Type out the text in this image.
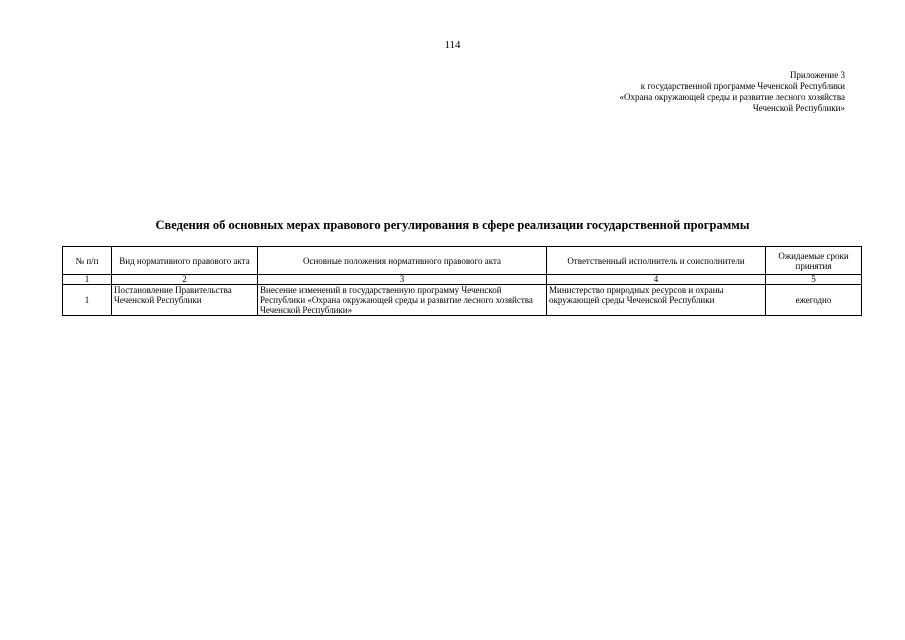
114
Приложение 3
к государственной программе Чеченской Республики
«Охрана окружающей среды и развитие лесного хозяйства
Чеченской Республики»
Сведения об основных мерах правового регулирования в сфере реализации государственной программы
№ п/п	Вид нормативного правового акта	Основные положения нормативного правового акта	Ответственный исполнитель и соисполнители	Ожидаемые сроки принятия
1	2	3	4	5
1	Постановление Правительства Чеченской Республики	Внесение изменений в государственную программу Чеченской Республики «Охрана окружающей среды и развитие лесного хозяйства Чеченской Республики»	Министерство природных ресурсов и охраны окружающей среды Чеченской Республики	ежегодно
